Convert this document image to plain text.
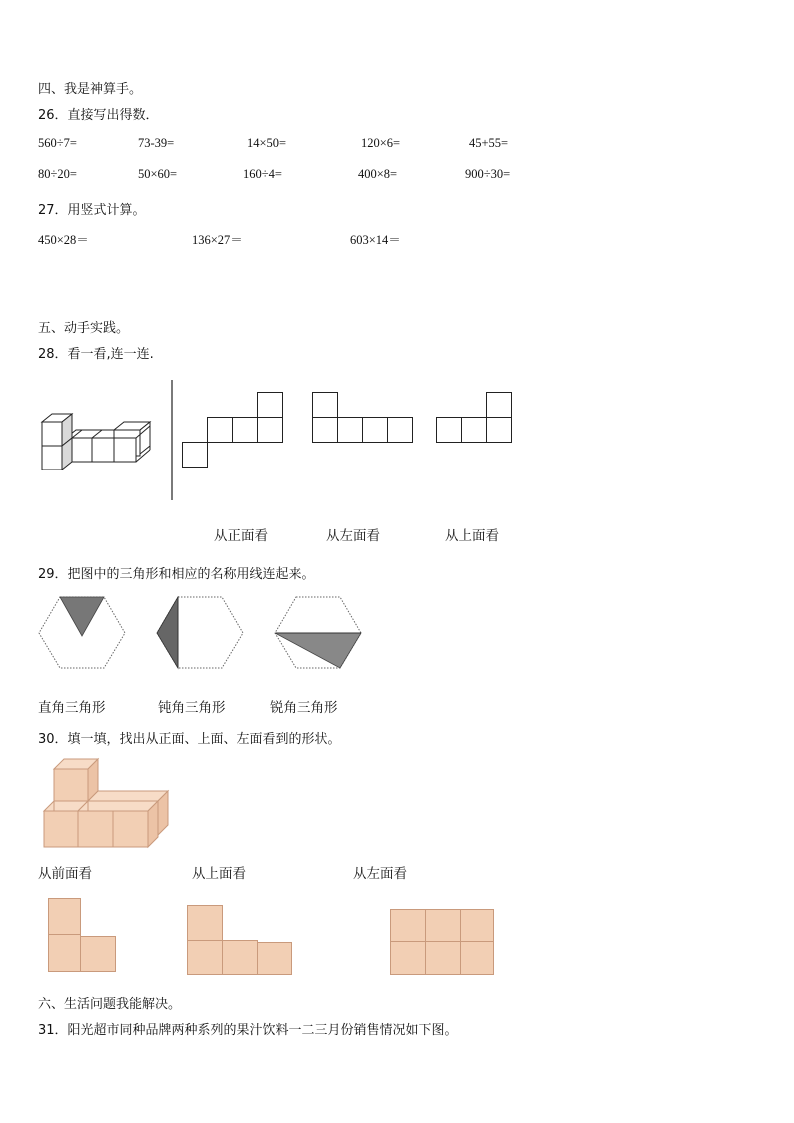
四、我是神算手。
26．直接写出得数．
560÷7=	73-39=	14×50=	120×6=	45+55=
80÷20=	50×60=	160÷4=	400×8=	900÷30=
27．用竖式计算。
450×28＝	136×27＝	603×14＝
五、动手实践。
28．看一看,连一连.
从正面看	从左面看	从上面看
29．把图中的三角形和相应的名称用线连起来。
直角三角形	钝角三角形	锐角三角形
30．填一填，找出从正面、上面、左面看到的形状。
从前面看	从上面看	从左面看
六、生活问题我能解决。
31．阳光超市同种品牌两种系列的果汁饮料一二三月份销售情况如下图。
